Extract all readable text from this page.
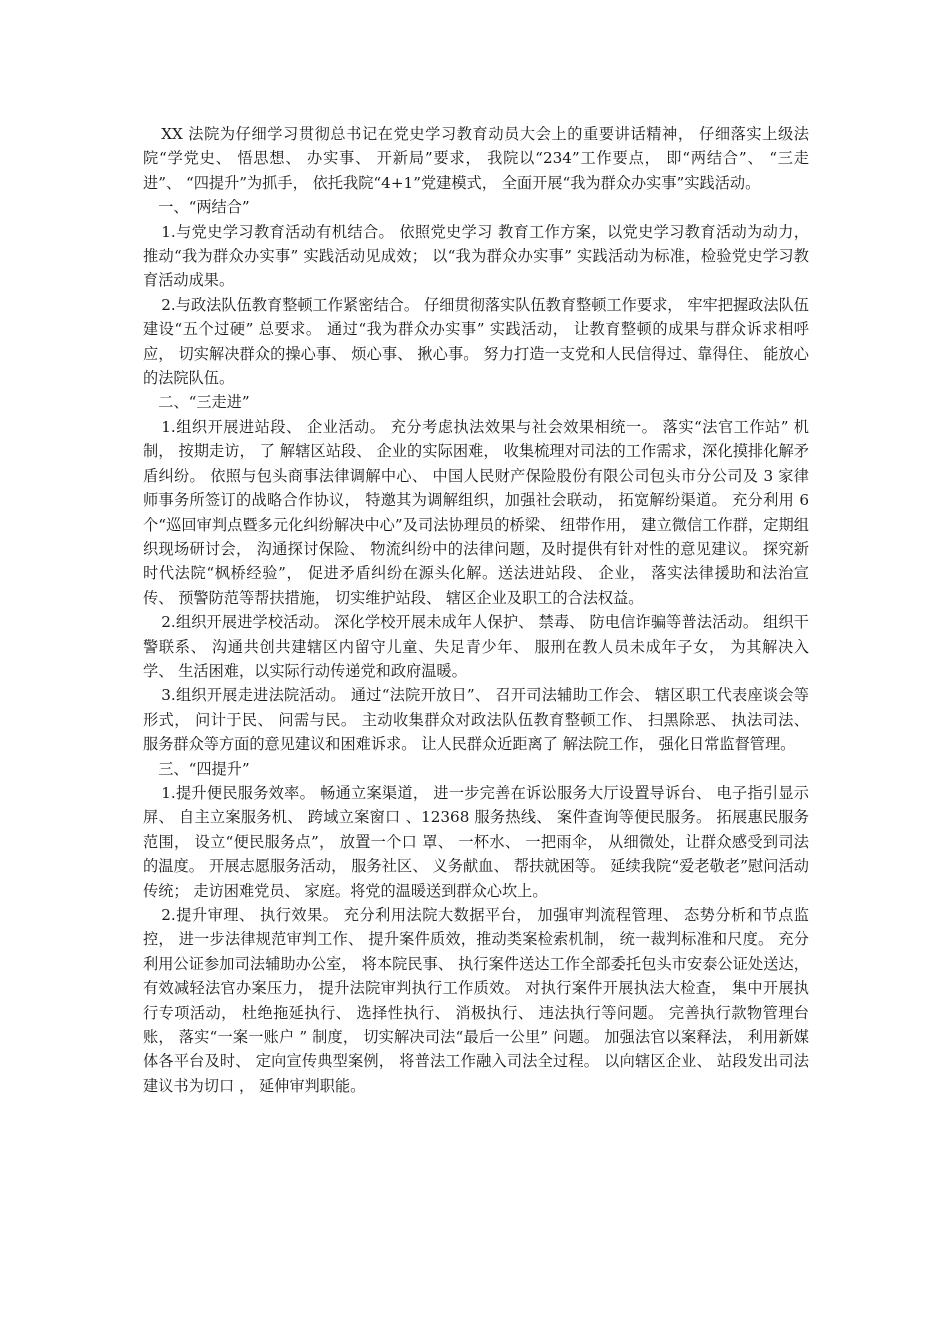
XX 法院为仔细学习贯彻总书记在党史学习教育动员大会上的重要讲话精神， 仔细落实上级法院“学党史、 悟思想、 办实事、 开新局”要求， 我院以“234”工作要点， 即“两结合”、 “三走进”、 “四提升”为抓手， 依托我院“4+1”党建模式， 全面开展“我为群众办实事”实践活动。

一、“两结合”

1.与党史学习教育活动有机结合。 依照党史学习 教育工作方案，以党史学习教育活动为动力， 推动“我为群众办实事” 实践活动见成效； 以“我为群众办实事” 实践活动为标准，检验党史学习教育活动成果。

2.与政法队伍教育整顿工作紧密结合。 仔细贯彻落实队伍教育整顿工作要求， 牢牢把握政法队伍建设“五个过硬” 总要求。 通过“我为群众办实事” 实践活动， 让教育整顿的成果与群众诉求相呼应， 切实解决群众的操心事、 烦心事、 揪心事。 努力打造一支党和人民信得过、靠得住、 能放心的法院队伍。

二、“三走进”

1.组织开展进站段、 企业活动。 充分考虑执法效果与社会效果相统一。 落实“法官工作站” 机制， 按期走访， 了 解辖区站段、 企业的实际困难， 收集梳理对司法的工作需求，深化摸排化解矛盾纠纷。 依照与包头商事法律调解中心、 中国人民财产保险股份有限公司包头市分公司及 3 家律师事务所签订的战略合作协议， 特邀其为调解组织，加强社会联动， 拓宽解纷渠道。 充分利用 6 个“巡回审判点暨多元化纠纷解决中心”及司法协理员的桥梁、 纽带作用， 建立微信工作群，定期组织现场研讨会， 沟通探讨保险、 物流纠纷中的法律问题，及时提供有针对性的意见建议。 探究新时代法院“枫桥经验”， 促进矛盾纠纷在源头化解。送法进站段、 企业， 落实法律援助和法治宣传、 预警防范等帮扶措施， 切实维护站段、 辖区企业及职工的合法权益。

2.组织开展进学校活动。 深化学校开展未成年人保护、 禁毒、 防电信诈骗等普法活动。 组织干警联系、 沟通共创共建辖区内留守儿童、失足青少年、 服刑在教人员未成年子女， 为其解决入学、 生活困难，以实际行动传递党和政府温暖。

3.组织开展走进法院活动。 通过“法院开放日”、 召开司法辅助工作会、 辖区职工代表座谈会等形式， 问计于民、 问需与民。 主动收集群众对政法队伍教育整顿工作、 扫黑除恶、 执法司法、 服务群众等方面的意见建议和困难诉求。 让人民群众近距离了 解法院工作， 强化日常监督管理。

三、“四提升”

1.提升便民服务效率。 畅通立案渠道， 进一步完善在诉讼服务大厅设置导诉台、 电子指引显示屏、 自主立案服务机、 跨域立案窗口 、12368 服务热线、 案件查询等便民服务。 拓展惠民服务范围， 设立“便民服务点”， 放置一个口 罩、 一杯水、 一把雨伞， 从细微处，让群众感受到司法的温度。 开展志愿服务活动， 服务社区、 义务献血、 帮扶就困等。 延续我院“爱老敬老”慰问活动传统； 走访困难党员、 家庭。将党的温暖送到群众心坎上。

2.提升审理、 执行效果。 充分利用法院大数据平台， 加强审判流程管理、 态势分析和节点监控， 进一步法律规范审判工作、 提升案件质效，推动类案检索机制， 统一裁判标准和尺度。 充分利用公证参加司法辅助办公室， 将本院民事、 执行案件送达工作全部委托包头市安泰公证处送达， 有效减轻法官办案压力， 提升法院审判执行工作质效。 对执行案件开展执法大检查， 集中开展执行专项活动， 杜绝拖延执行、 选择性执行、 消极执行、 违法执行等问题。 完善执行款物管理台账， 落实“一案一账户 ” 制度， 切实解决司法“最后一公里” 问题。 加强法官以案释法， 利用新媒体各平台及时、 定向宣传典型案例， 将普法工作融入司法全过程。 以向辖区企业、 站段发出司法建议书为切口 ， 延伸审判职能。
